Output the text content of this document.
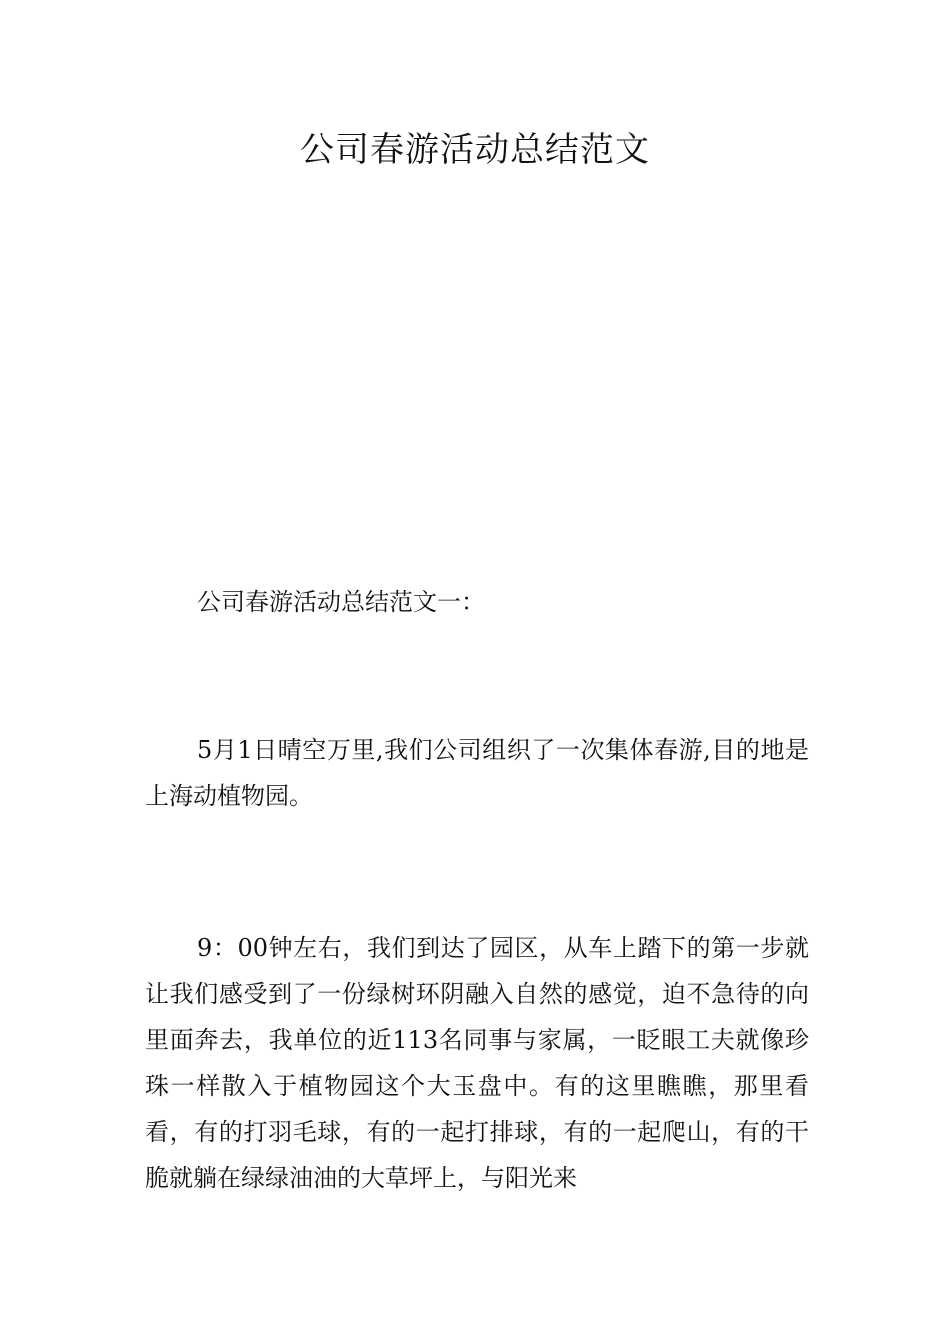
公司春游活动总结范文

公司春游活动总结范文一：

5月1日晴空万里,我们公司组织了一次集体春游,目的地是上海动植物园。

9：00钟左右，我们到达了园区，从车上踏下的第一步就让我们感受到了一份绿树环阴融入自然的感觉，迫不急待的向里面奔去，我单位的近113名同事与家属，一眨眼工夫就像珍珠一样散入于植物园这个大玉盘中。有的这里瞧瞧，那里看看，有的打羽毛球，有的一起打排球，有的一起爬山，有的干脆就躺在绿绿油油的大草坪上，与阳光来
